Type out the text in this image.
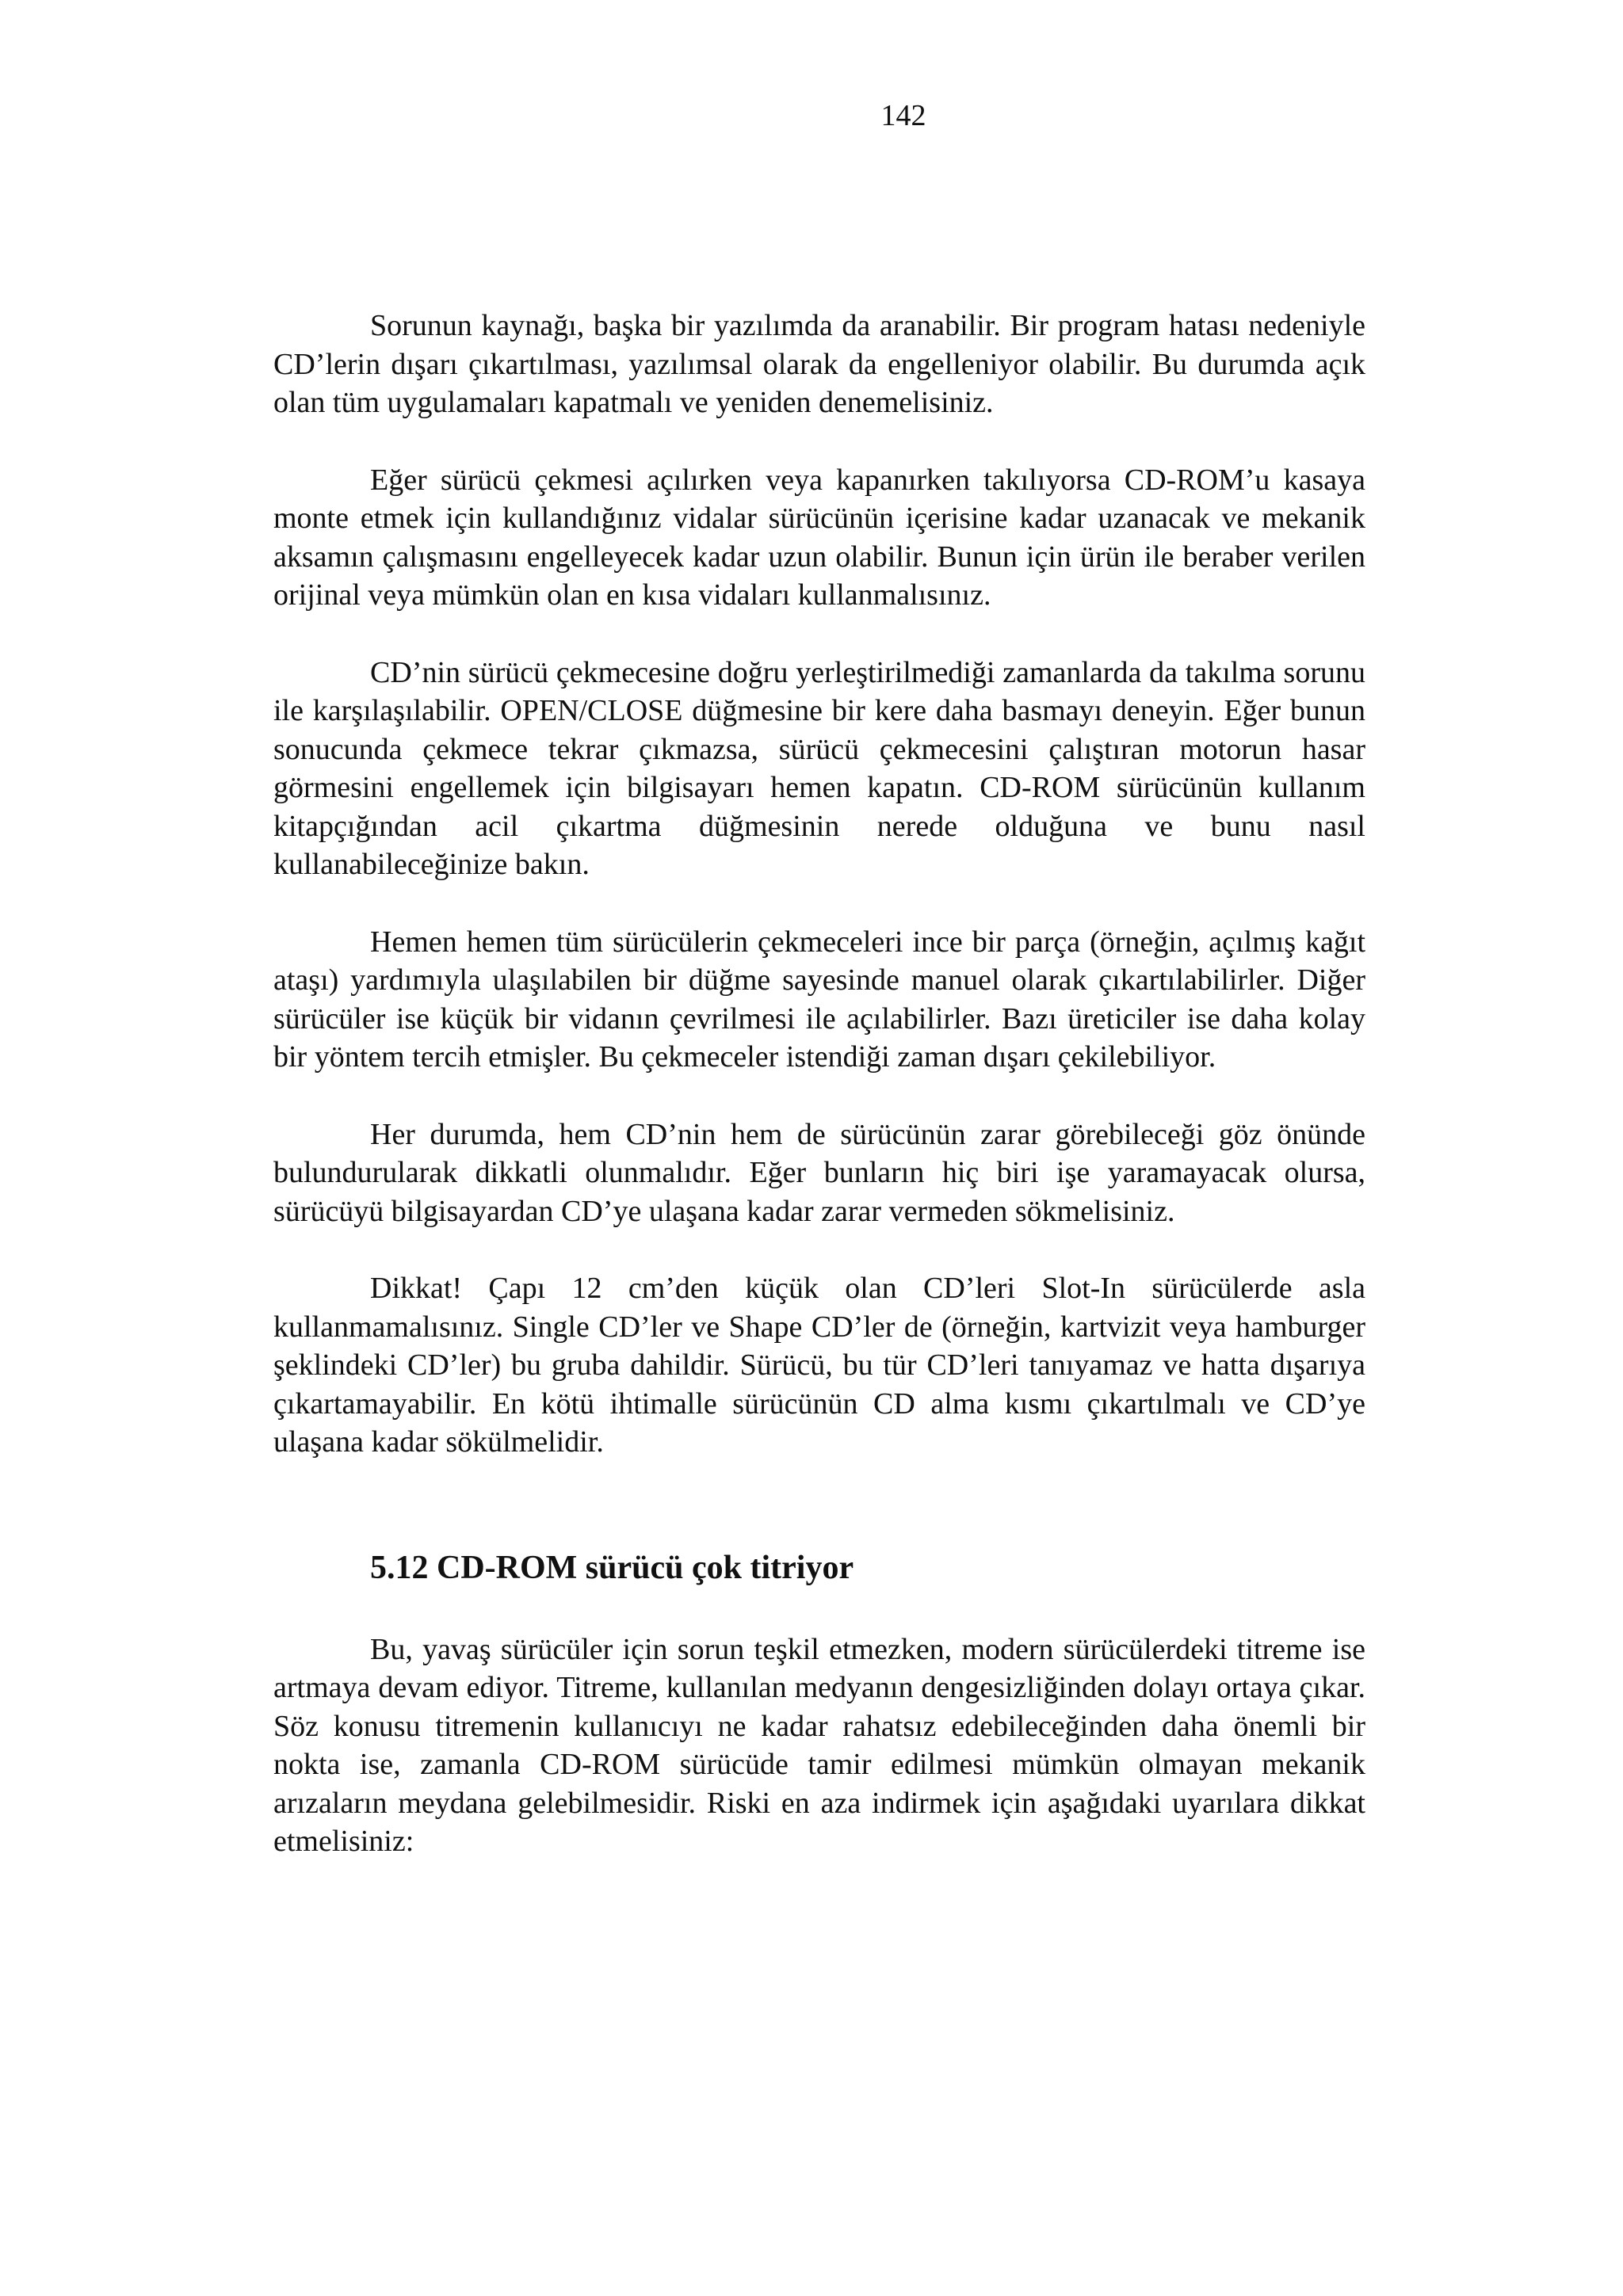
142

Sorunun kaynağı, başka bir yazılımda da aranabilir. Bir program hatası nedeniyle CD’lerin dışarı çıkartılması, yazılımsal olarak da engelleniyor olabilir. Bu durumda açık olan tüm uygulamaları kapatmalı ve yeniden denemelisiniz.

Eğer sürücü çekmesi açılırken veya kapanırken takılıyorsa CD-ROM’u kasaya monte etmek için kullandığınız vidalar sürücünün içerisine kadar uzanacak ve mekanik aksamın çalışmasını engelleyecek kadar uzun olabilir. Bunun için ürün ile beraber verilen orijinal veya mümkün olan en kısa vidaları kullanmalısınız.

CD’nin sürücü çekmecesine doğru yerleştirilmediği zamanlarda da takılma sorunu ile karşılaşılabilir. OPEN/CLOSE düğmesine bir kere daha basmayı deneyin. Eğer bunun sonucunda çekmece tekrar çıkmazsa, sürücü çekmecesini çalıştıran motorun hasar görmesini engellemek için bilgisayarı hemen kapatın. CD-ROM sürücünün kullanım kitapçığından acil çıkartma düğmesinin nerede olduğuna ve bunu nasıl kullanabileceğinize bakın.

Hemen hemen tüm sürücülerin çekmeceleri ince bir parça (örneğin, açılmış kağıt ataşı) yardımıyla ulaşılabilen bir düğme sayesinde manuel olarak çıkartılabilirler. Diğer sürücüler ise küçük bir vidanın çevrilmesi ile açılabilirler. Bazı üreticiler ise daha kolay bir yöntem tercih etmişler. Bu çekmeceler istendiği zaman dışarı çekilebiliyor.

Her durumda, hem CD’nin hem de sürücünün zarar görebileceği göz önünde bulundurularak dikkatli olunmalıdır. Eğer bunların hiç biri işe yaramayacak olursa, sürücüyü bilgisayardan CD’ye ulaşana kadar zarar vermeden sökmelisiniz.

Dikkat! Çapı 12 cm’den küçük olan CD’leri Slot-In sürücülerde asla kullanmamalısınız. Single CD’ler ve Shape CD’ler de (örneğin, kartvizit veya hamburger şeklindeki CD’ler) bu gruba dahildir. Sürücü, bu tür CD’leri tanıyamaz ve hatta dışarıya çıkartamayabilir. En kötü ihtimalle sürücünün CD alma kısmı çıkartılmalı ve CD’ye ulaşana kadar sökülmelidir.

5.12 CD-ROM sürücü çok titriyor

Bu, yavaş sürücüler için sorun teşkil etmezken, modern sürücülerdeki titreme ise artmaya devam ediyor. Titreme, kullanılan medyanın dengesizliğinden dolayı ortaya çıkar. Söz konusu titremenin kullanıcıyı ne kadar rahatsız edebileceğinden daha önemli bir nokta ise, zamanla CD-ROM sürücüde tamir edilmesi mümkün olmayan mekanik arızaların meydana gelebilmesidir. Riski en aza indirmek için aşağıdaki uyarılara dikkat etmelisiniz:
